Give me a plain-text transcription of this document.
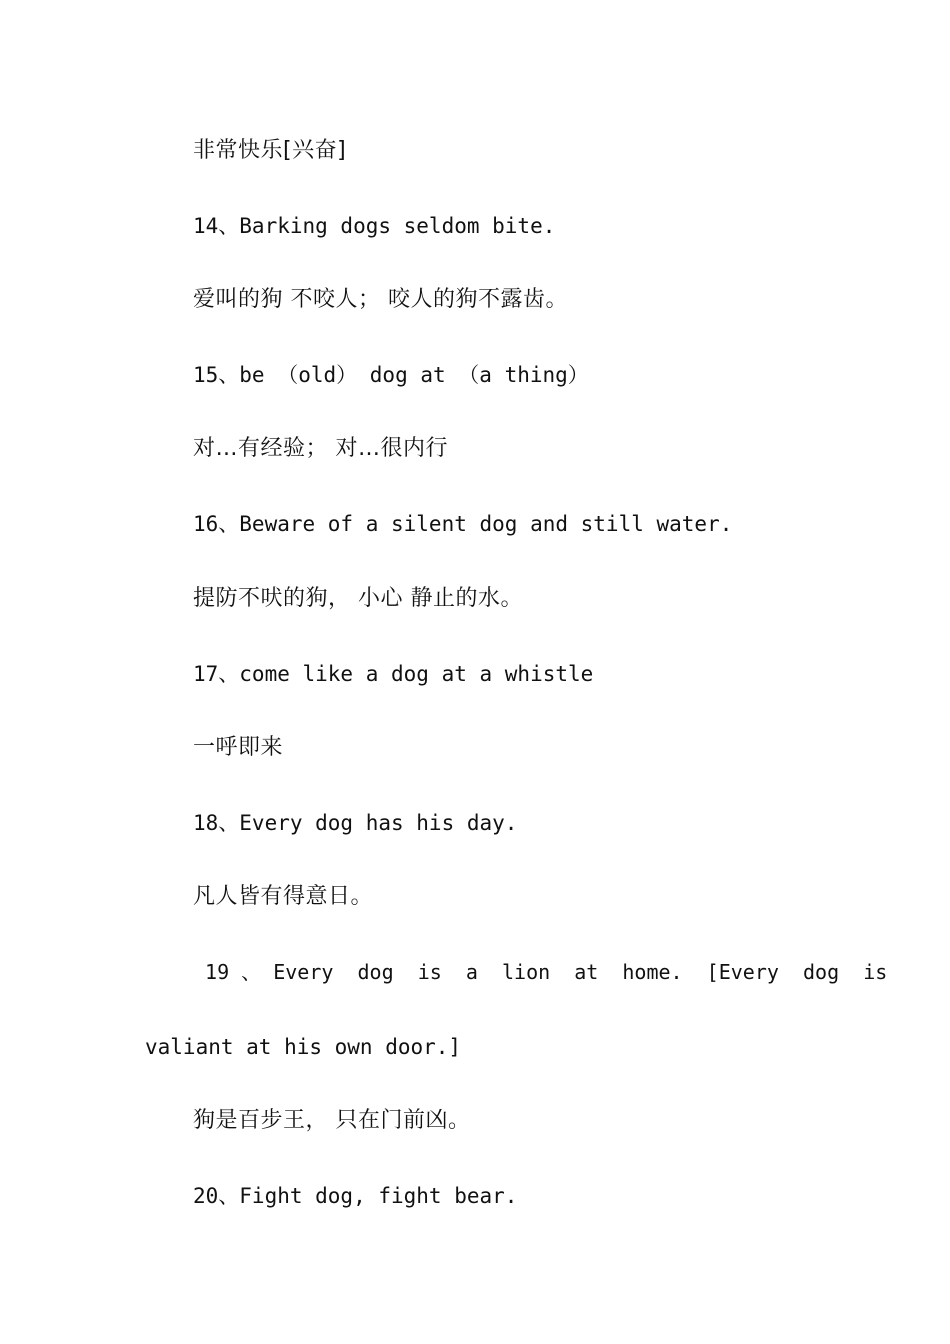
非常快乐[兴奋]
14、Barking dogs seldom bite.
爱叫的狗 不咬人； 咬人的狗不露齿。
15、be （old） dog at （a thing）
对…有经验； 对…很内行
16、Beware of a silent dog and still water.
提防不吠的狗， 小心 静止的水。
17、come like a dog at a whistle
一呼即来
18、Every dog has his day.
凡人皆有得意日。
19 、 Every  dog  is  a  lion  at  home.  [Every  dog  is
valiant at his own door.]
狗是百步王， 只在门前凶。
20、Fight dog, fight bear.
